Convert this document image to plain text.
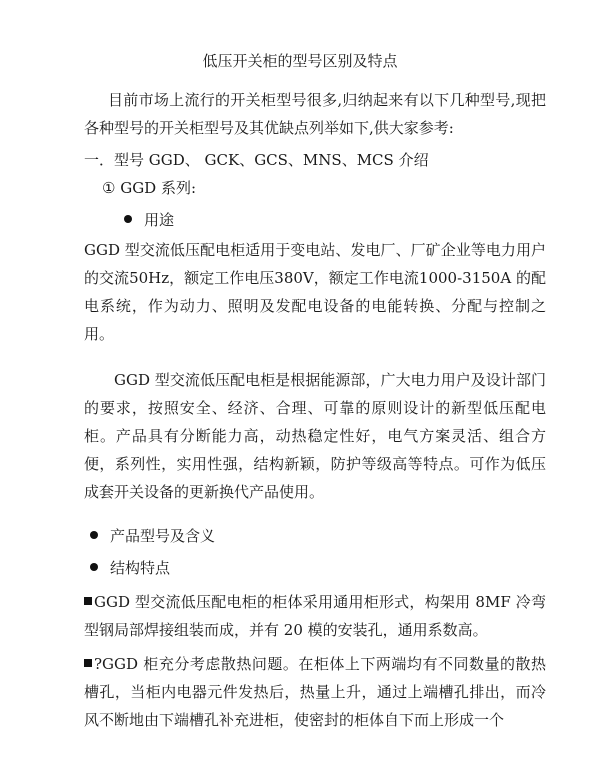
低压开关柜的型号区别及特点
目前市场上流行的开关柜型号很多,归纳起来有以下几种型号,现把各种型号的开关柜型号及其优缺点列举如下,供大家参考:
一．型号 GGD、 GCK、GCS、MNS、MCS 介绍
① GGD 系列:
用途
GGD 型交流低压配电柜适用于变电站、发电厂、厂矿企业等电力用户的交流50Hz，额定工作电压380V，额定工作电流1000-3150A 的配电系统，作为动力、照明及发配电设备的电能转换、分配与控制之用。
GGD 型交流低压配电柜是根据能源部，广大电力用户及设计部门的要求，按照安全、经济、合理、可靠的原则设计的新型低压配电柜。产品具有分断能力高，动热稳定性好，电气方案灵活、组合方便，系列性，实用性强，结构新颖，防护等级高等特点。可作为低压成套开关设备的更新换代产品使用。
产品型号及含义
结构特点
GGD 型交流低压配电柜的柜体采用通用柜形式，构架用 8MF 冷弯型钢局部焊接组装而成，并有 20 模的安装孔，通用系数高。
?GGD 柜充分考虑散热问题。在柜体上下两端均有不同数量的散热槽孔，当柜内电器元件发热后，热量上升，通过上端槽孔排出，而冷风不断地由下端槽孔补充进柜，使密封的柜体自下而上形成一个
